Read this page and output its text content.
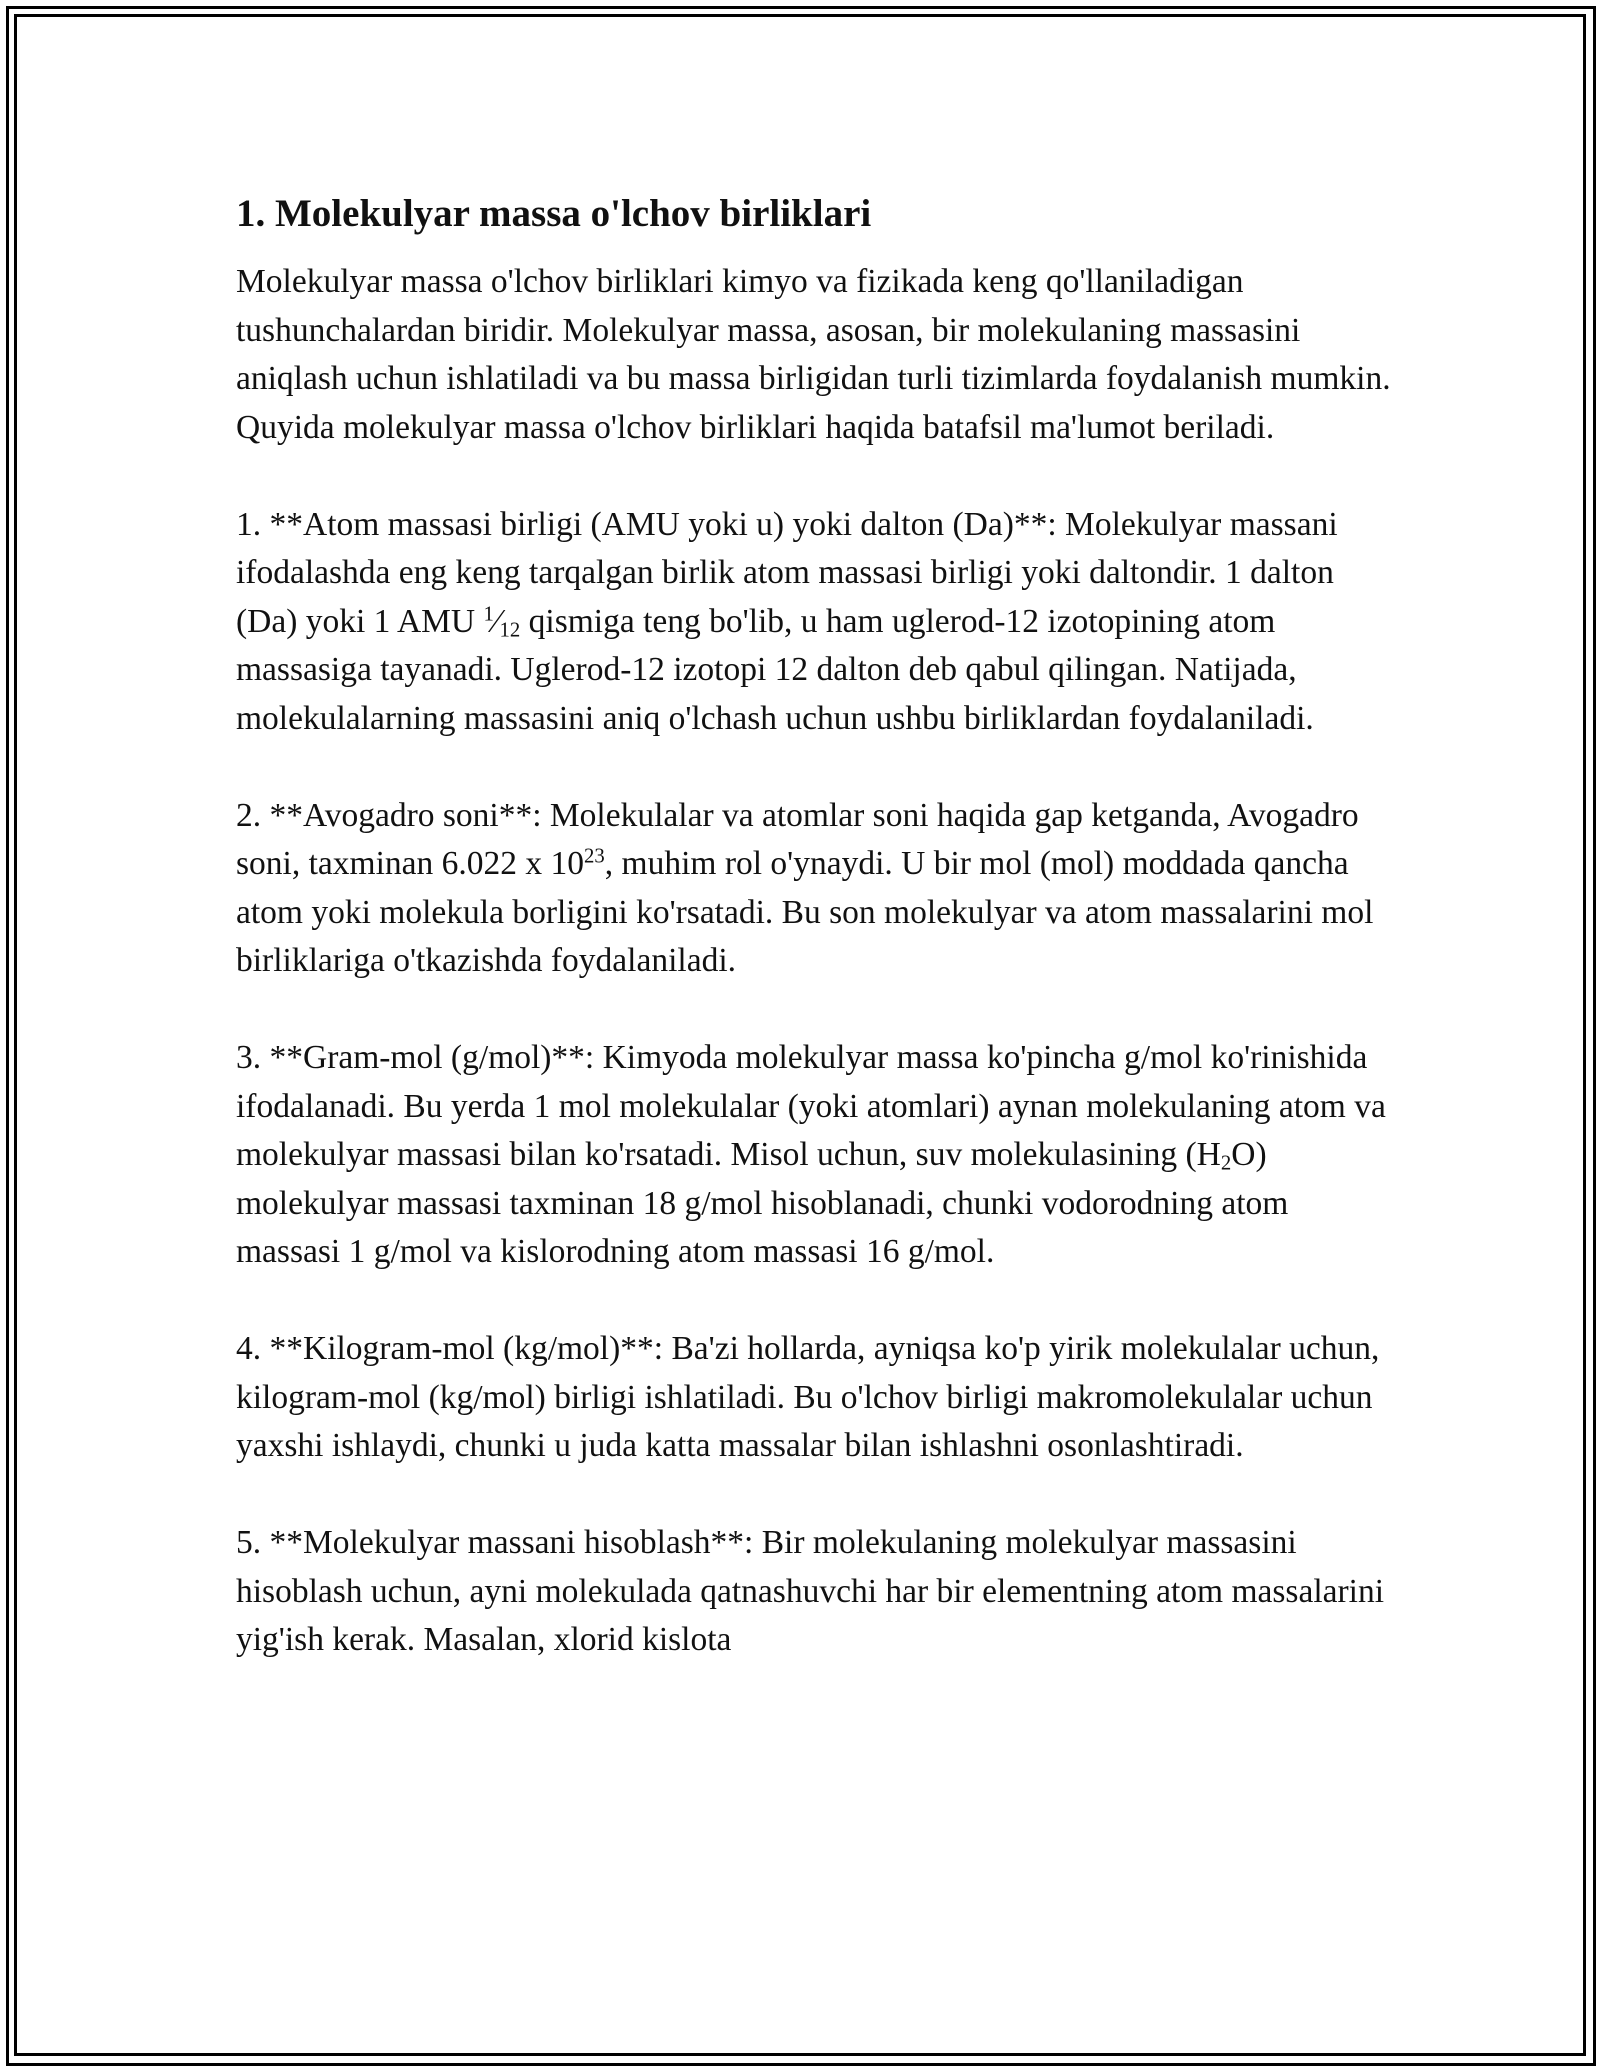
1. Molekulyar massa o'lchov birliklari

Molekulyar massa o'lchov birliklari kimyo va fizikada keng qo'llaniladigan tushunchalardan biridir. Molekulyar massa, asosan, bir molekulaning massasini aniqlash uchun ishlatiladi va bu massa birligidan turli tizimlarda foydalanish mumkin. Quyida molekulyar massa o'lchov birliklari haqida batafsil ma'lumot beriladi.

1. **Atom massasi birligi (AMU yoki u) yoki dalton (Da)**: Molekulyar massani ifodalashda eng keng tarqalgan birlik atom massasi birligi yoki daltondir. 1 dalton (Da) yoki 1 AMU $^1⁄_{12}$ qismiga teng bo'lib, u ham uglerod-12 izotopining atom massasiga tayanadi. Uglerod-12 izotopi 12 dalton deb qabul qilingan. Natijada, molekulalarning massasini aniq o'lchash uchun ushbu birliklardan foydalaniladi.

2. **Avogadro soni**: Molekulalar va atomlar soni haqida gap ketganda, Avogadro soni, taxminan 6.022 x $10^{23}$, muhim rol o'ynaydi. U bir mol (mol) moddada qancha atom yoki molekula borligini ko'rsatadi. Bu son molekulyar va atom massalarini mol birliklariga o'tkazishda foydalaniladi.

3. **Gram-mol (g/mol)**: Kimyoda molekulyar massa ko'pincha g/mol ko'rinishida ifodalanadi. Bu yerda 1 mol molekulalar (yoki atomlari) aynan molekulaning atom va molekulyar massasi bilan ko'rsatadi. Misol uchun, suv molekulasining $(H_2O)$ molekulyar massasi taxminan 18 g/mol hisoblanadi, chunki vodorodning atom massasi 1 g/mol va kislorodning atom massasi 16 g/mol.

4. **Kilogram-mol (kg/mol)**: Ba'zi hollarda, ayniqsa ko'p yirik molekulalar uchun, kilogram-mol (kg/mol) birligi ishlatiladi. Bu o'lchov birligi makromolekulalar uchun yaxshi ishlaydi, chunki u juda katta massalar bilan ishlashni osonlashtiradi.

5. **Molekulyar massani hisoblash**: Bir molekulaning molekulyar massasini hisoblash uchun, ayni molekulada qatnashuvchi har bir elementning atom massalarini yig'ish kerak. Masalan, xlorid kislota
